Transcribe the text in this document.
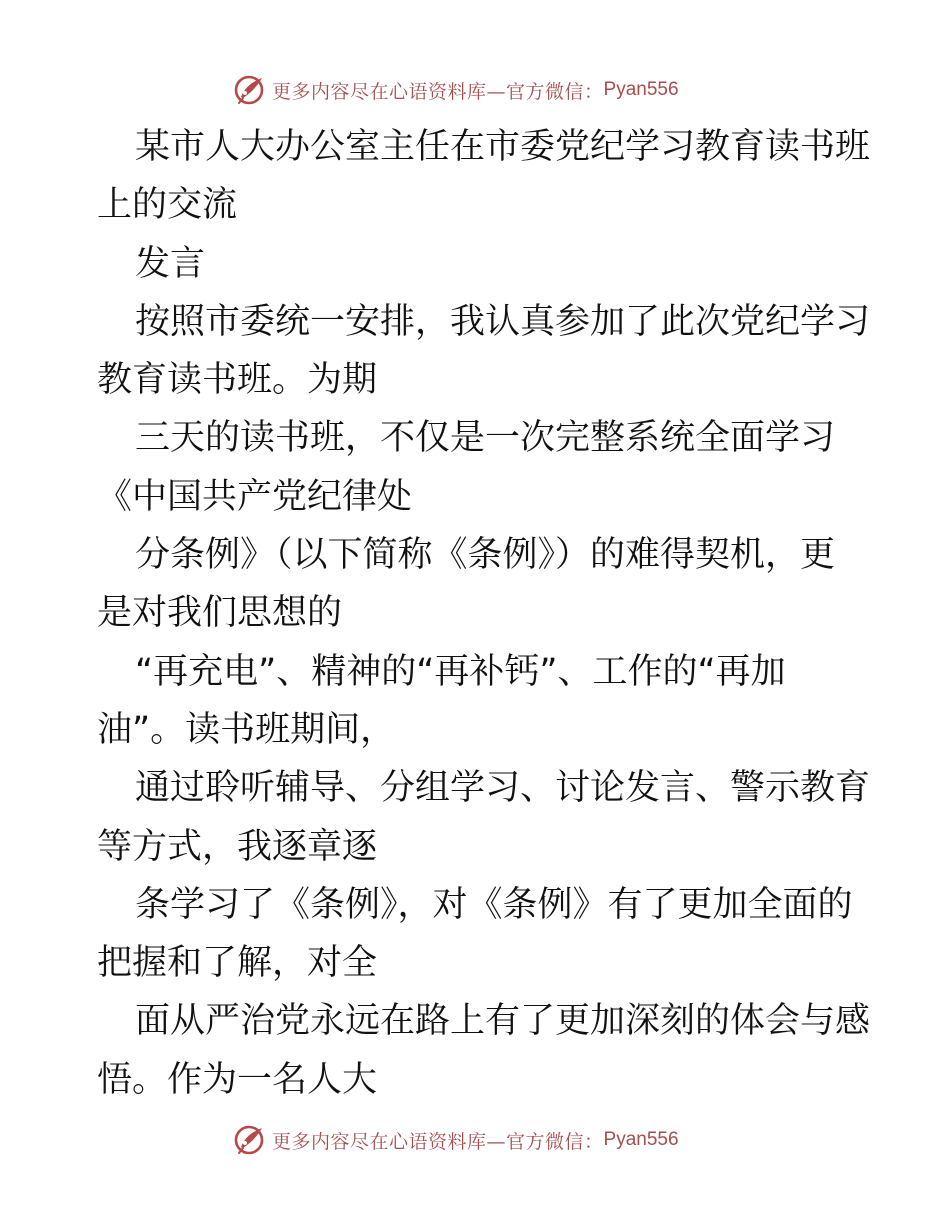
更多内容尽在心语资料库—官方微信： Pyan556
某市人大办公室主任在市委党纪学习教育读书班
上的交流
发言
按照市委统一安排，我认真参加了此次党纪学习
教育读书班。为期
三天的读书班，不仅是一次完整系统全面学习
《中国共产党纪律处
分条例》（以下简称《条例》）的难得契机，更
是对我们思想的
“再充电”、精神的“再补钙”、工作的“再加
油”。读书班期间，
通过聆听辅导、分组学习、讨论发言、警示教育
等方式，我逐章逐
条学习了《条例》，对《条例》有了更加全面的
把握和了解，对全
面从严治党永远在路上有了更加深刻的体会与感
悟。作为一名人大
更多内容尽在心语资料库—官方微信： Pyan556
